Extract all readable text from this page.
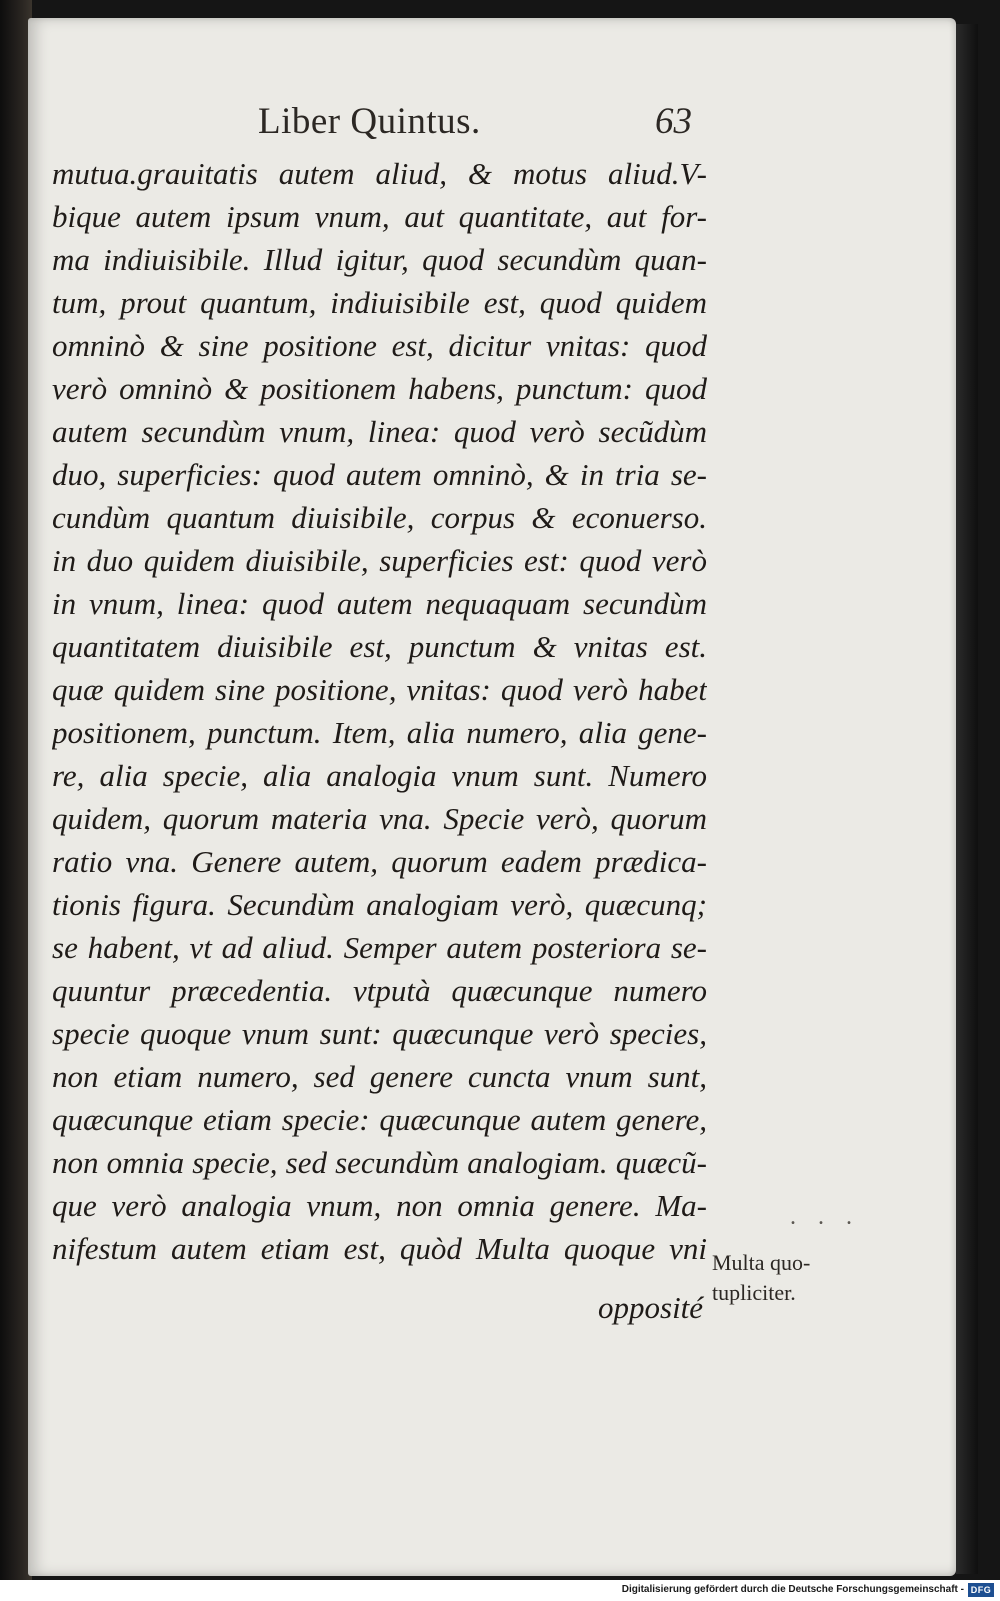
Liber Quintus.	63
mutua.grauitatis autem aliud, & motus aliud.V-
bique autem ipsum vnum, aut quantitate, aut for-
ma indiuisibile. Illud igitur, quod secundùm quan-
tum, prout quantum, indiuisibile est, quod quidem
omninò & sine positione est, dicitur vnitas: quod
verò omninò & positionem habens, punctum: quod
autem secundùm vnum, linea: quod verò secũdùm
duo, superficies: quod autem omninò, & in tria se-
cundùm quantum diuisibile, corpus & econuerso.
in duo quidem diuisibile, superficies est: quod verò
in vnum, linea: quod autem nequaquam secundùm
quantitatem diuisibile est, punctum & vnitas est.
quæ quidem sine positione, vnitas: quod verò habet
positionem, punctum. Item, alia numero, alia gene-
re, alia specie, alia analogia vnum sunt. Numero
quidem, quorum materia vna. Specie verò, quorum
ratio vna. Genere autem, quorum eadem prædica-
tionis figura. Secundùm analogiam verò, quæcunq;
se habent, vt ad aliud. Semper autem posteriora se-
quuntur præcedentia. vtputà quæcunque numero
specie quoque vnum sunt: quæcunque verò species,
non etiam numero, sed genere cuncta vnum sunt,
quæcunque etiam specie: quæcunque autem genere,
non omnia specie, sed secundùm analogiam. quæcũ-
que verò analogia vnum, non omnia genere. Ma-
nifestum autem etiam est, quòd Multa quoque vni
opposité
. . .
Multa quo-
tupliciter.
Digitalisierung gefördert durch die Deutsche Forschungsgemeinschaft - DFG
